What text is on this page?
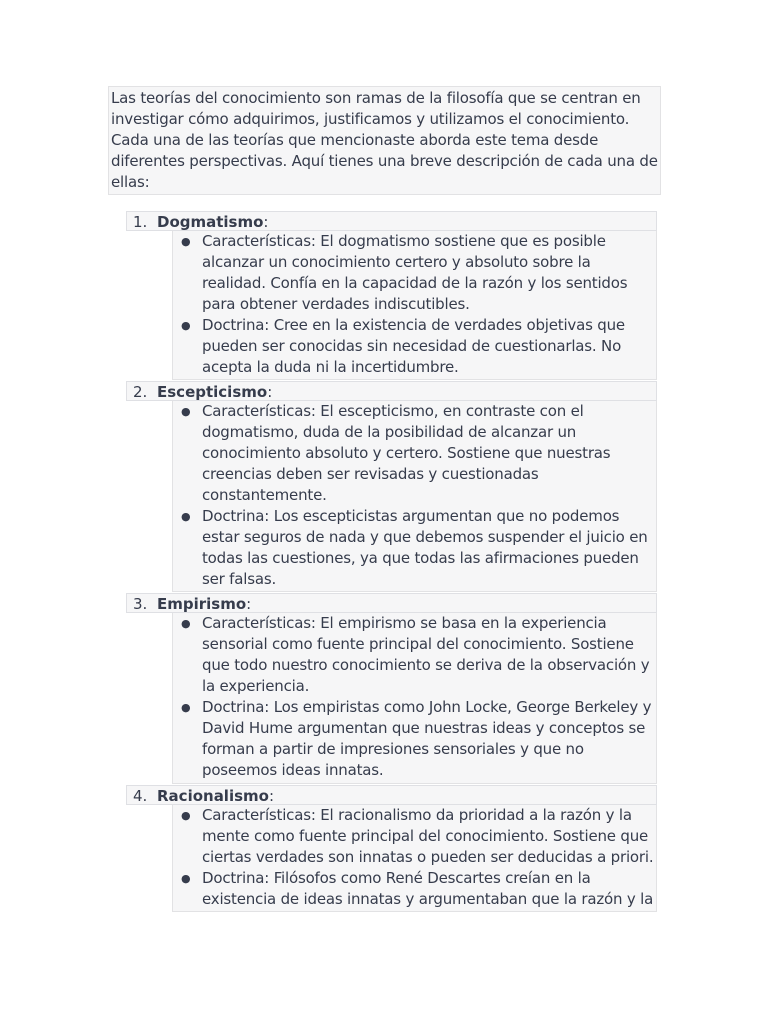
Las teorías del conocimiento son ramas de la filosofía que se centran en investigar cómo adquirimos, justificamos y utilizamos el conocimiento. Cada una de las teorías que mencionaste aborda este tema desde diferentes perspectivas. Aquí tienes una breve descripción de cada una de ellas:
1. Dogmatismo:
● Características: El dogmatismo sostiene que es posible alcanzar un conocimiento certero y absoluto sobre la realidad. Confía en la capacidad de la razón y los sentidos para obtener verdades indiscutibles.
● Doctrina: Cree en la existencia de verdades objetivas que pueden ser conocidas sin necesidad de cuestionarlas. No acepta la duda ni la incertidumbre.
2. Escepticismo:
● Características: El escepticismo, en contraste con el dogmatismo, duda de la posibilidad de alcanzar un conocimiento absoluto y certero. Sostiene que nuestras creencias deben ser revisadas y cuestionadas constantemente.
● Doctrina: Los escepticistas argumentan que no podemos estar seguros de nada y que debemos suspender el juicio en todas las cuestiones, ya que todas las afirmaciones pueden ser falsas.
3. Empirismo:
● Características: El empirismo se basa en la experiencia sensorial como fuente principal del conocimiento. Sostiene que todo nuestro conocimiento se deriva de la observación y la experiencia.
● Doctrina: Los empiristas como John Locke, George Berkeley y David Hume argumentan que nuestras ideas y conceptos se forman a partir de impresiones sensoriales y que no poseemos ideas innatas.
4. Racionalismo:
● Características: El racionalismo da prioridad a la razón y la mente como fuente principal del conocimiento. Sostiene que ciertas verdades son innatas o pueden ser deducidas a priori.
● Doctrina: Filósofos como René Descartes creían en la existencia de ideas innatas y argumentaban que la razón y la
